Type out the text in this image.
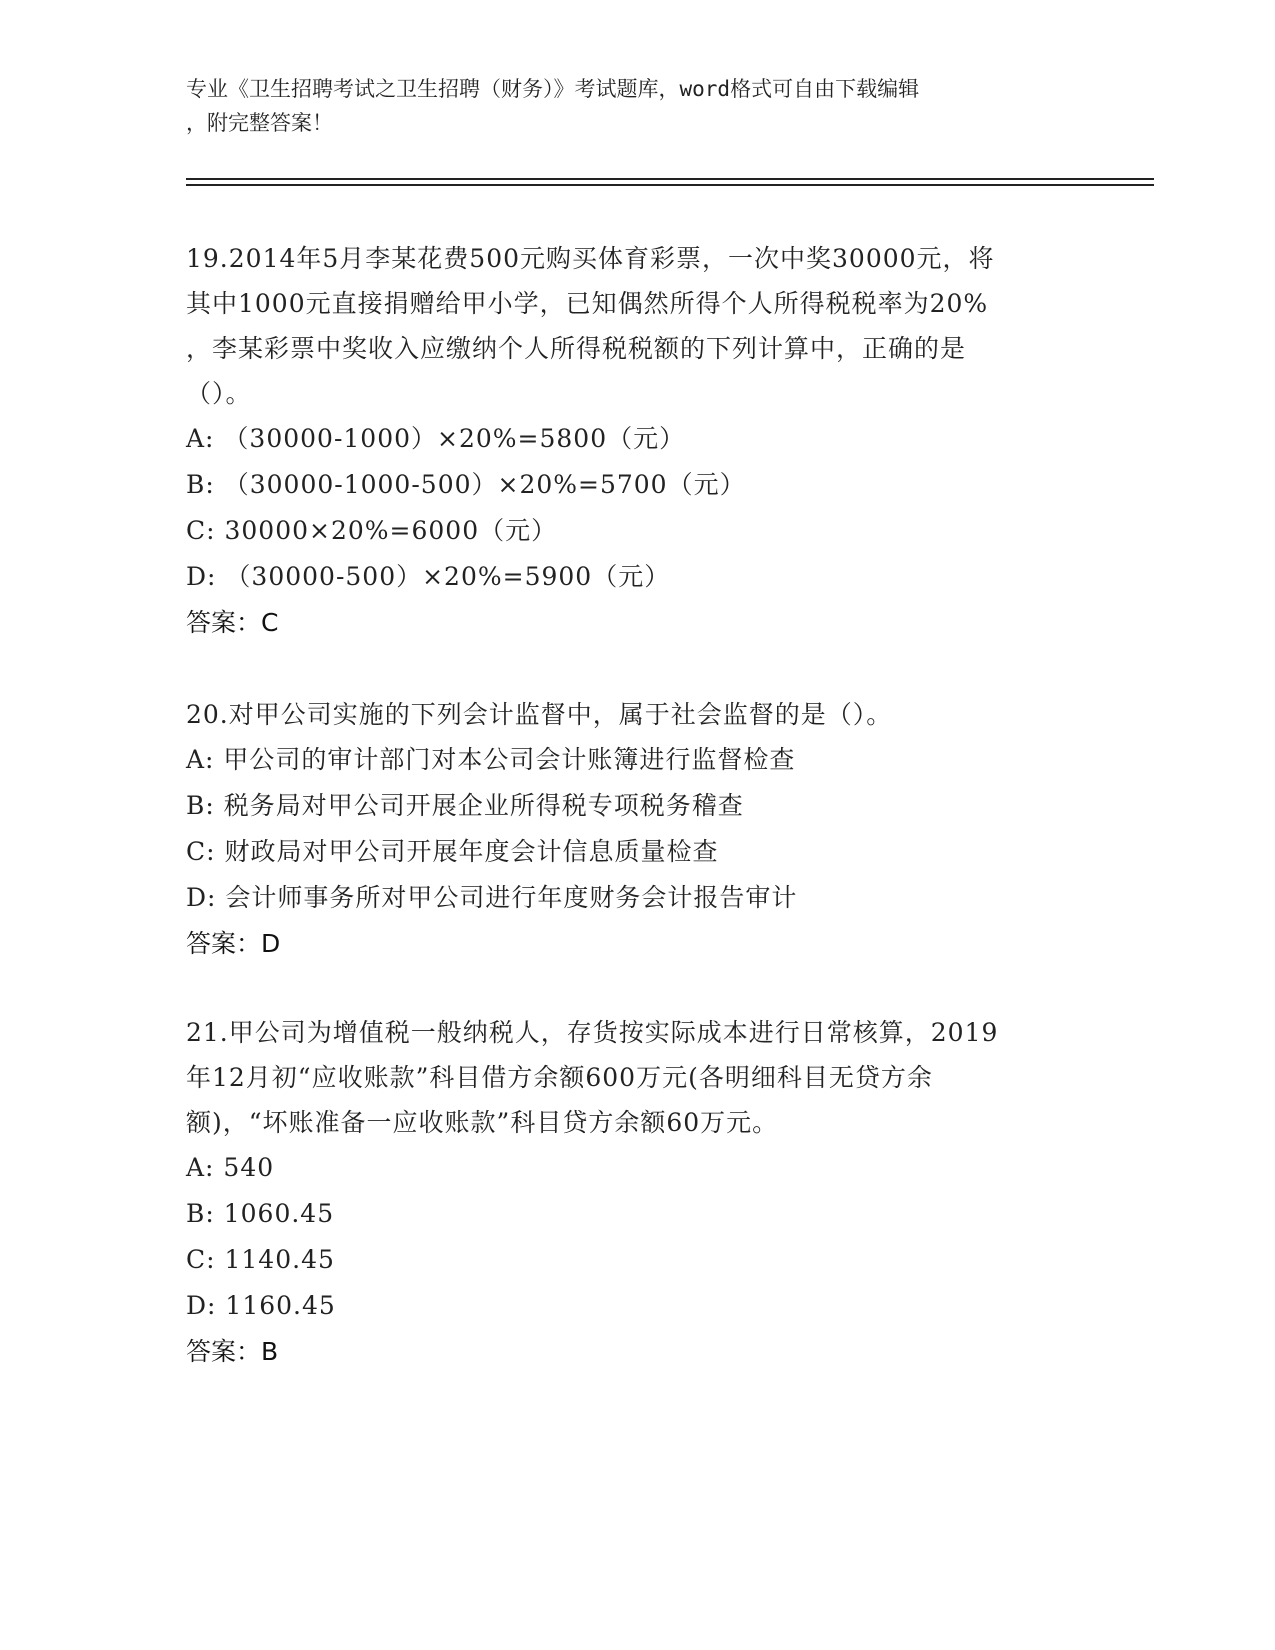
专业《卫生招聘考试之卫生招聘（财务）》考试题库，word格式可自由下载编辑

，附完整答案！

19.2014年5月李某花费500元购买体育彩票，一次中奖30000元，将
其中1000元直接捐赠给甲小学，已知偶然所得个人所得税税率为20%
，李某彩票中奖收入应缴纳个人所得税税额的下列计算中，正确的是
（）。

A: （30000-1000）×20%=5800（元）

B: （30000-1000-500）×20%=5700（元）

C: 30000×20%=6000（元）

D: （30000-500）×20%=5900（元）

答案：C

20.对甲公司实施的下列会计监督中，属于社会监督的是（）。

A: 甲公司的审计部门对本公司会计账簿进行监督检查

B: 税务局对甲公司开展企业所得税专项税务稽查

C: 财政局对甲公司开展年度会计信息质量检查

D: 会计师事务所对甲公司进行年度财务会计报告审计

答案：D

21.甲公司为增值税一般纳税人，存货按实际成本进行日常核算，2019
年12月初“应收账款”科目借方余额600万元(各明细科目无贷方余
额)，“坏账准备一应收账款”科目贷方余额60万元。

A: 540

B: 1060.45

C: 1140.45

D: 1160.45

答案：B
